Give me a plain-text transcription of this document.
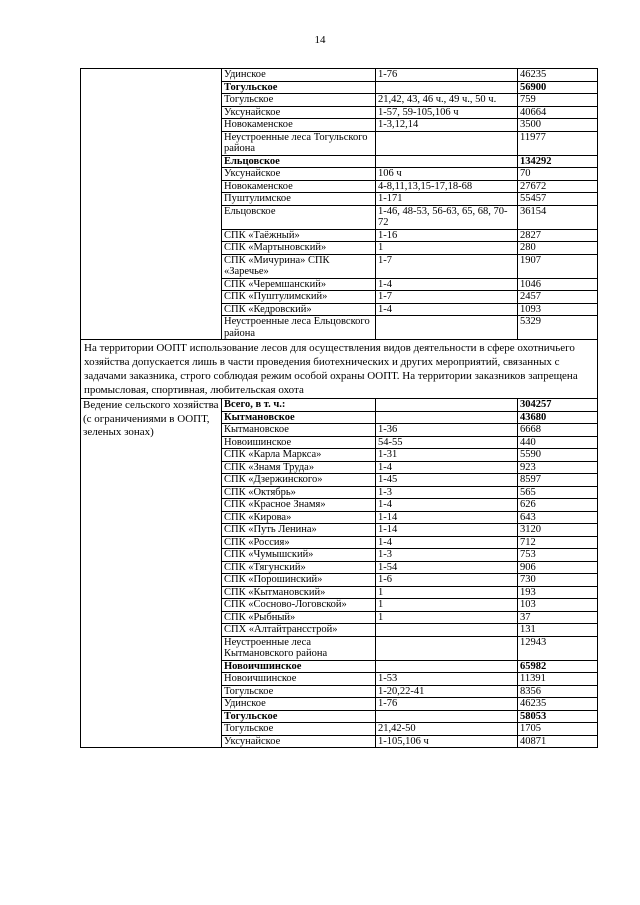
14
	Удинское	1-76	46235
	Тогульское		56900
	Тогульское	21,42, 43, 46 ч., 49 ч., 50 ч.	759
	Уксунайское	1-57, 59-105,106 ч	40664
	Новокаменское	1-3,12,14	3500
	Неустроенные леса Тогульского района		11977
	Ельцовское		134292
	Уксунайское	106 ч	70
	Новокаменское	4-8,11,13,15-17,18-68	27672
	Пуштулимское	1-171	55457
	Ельцовское	1-46, 48-53, 56-63, 65, 68, 70-72	36154
	СПК «Таёжный»	1-16	2827
	СПК «Мартыновский»	1	280
	СПК «Мичурина» СПК «Заречье»	1-7	1907
	СПК «Черемшанский»	1-4	1046
	СПК «Пуштулимский»	1-7	2457
	СПК «Кедровский»	1-4	1093
	Неустроенные леса Ельцовского района		5329
На территории ООПТ использование лесов для осуществления видов деятельности в сфере охотничьего хозяйства допускается лишь в части проведения биотехнических и других мероприятий, связанных с задачами заказника, строго соблюдая режим особой охраны ООПТ. На территории заказников запрещена промысловая, спортивная, любительская охота			
Ведение сельского хозяйства (с ограничениями в ООПТ, зеленых зонах)	Всего, в т. ч.:		304257
	Кытмановское		43680
	Кытмановское	1-36	6668
	Новоишинское	54-55	440
	СПК «Карла Маркса»	1-31	5590
	СПК «Знамя Труда»	1-4	923
	СПК «Дзержинского»	1-45	8597
	СПК «Октябрь»	1-3	565
	СПК «Красное Знамя»	1-4	626
	СПК «Кирова»	1-14	643
	СПК «Путь Ленина»	1-14	3120
	СПК «Россия»	1-4	712
	СПК «Чумышский»	1-3	753
	СПК «Тягунский»	1-54	906
	СПК «Порошинский»	1-6	730
	СПК «Кытмановский»	1	193
	СПК «Сосново-Логовской»	1	103
	СПК «Рыбный»	1	37
	СПХ «Алтайтрансстрой»		131
	Неустроенные леса Кытмановского района		12943
	Новоичшинское		65982
	Новоичшинское	1-53	11391
	Тогульское	1-20,22-41	8356
	Удинское	1-76	46235
	Тогульское		58053
	Тогульское	21,42-50	1705
	Уксунайское	1-105,106 ч	40871
